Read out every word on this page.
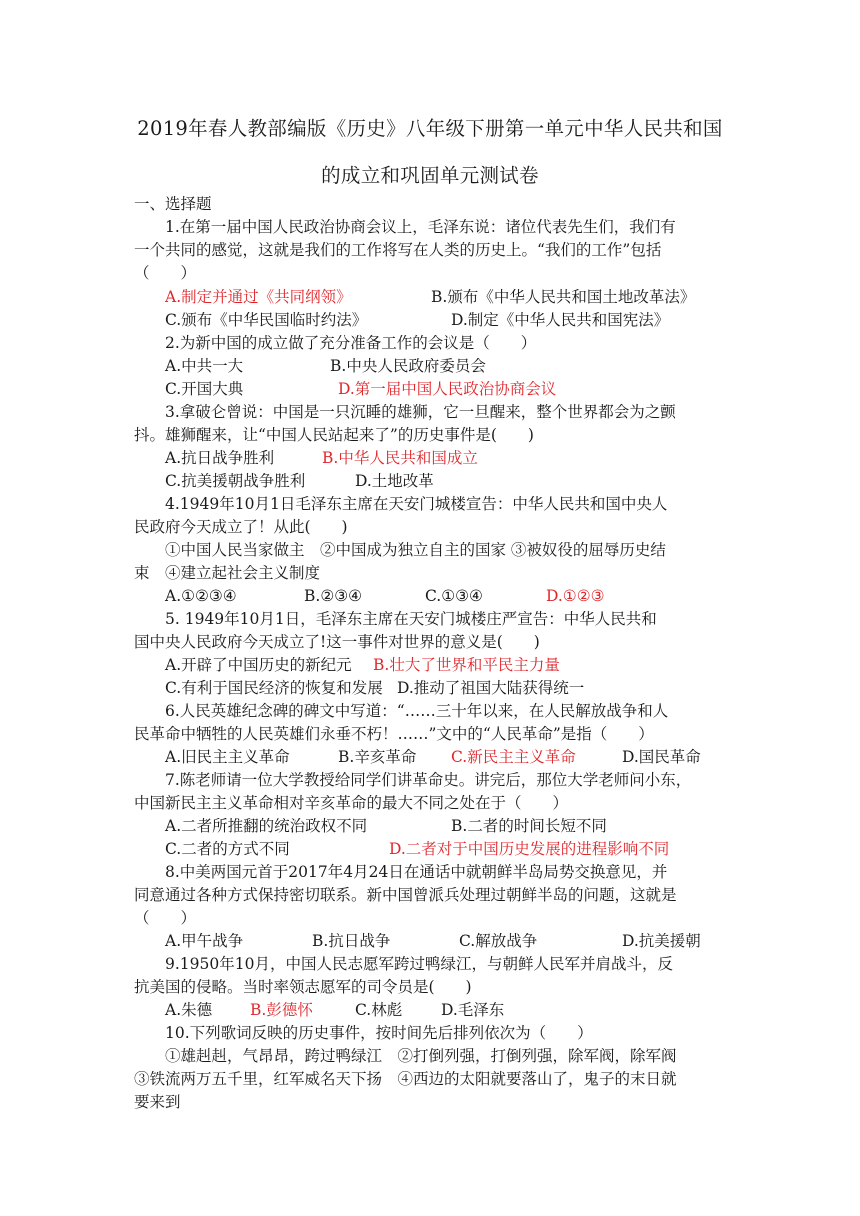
2019年春人教部编版《历史》八年级下册第一单元中华人民共和国
的成立和巩固单元测试卷
一、选择题
1.在第一届中国人民政治协商会议上，毛泽东说：诸位代表先生们，我们有
一个共同的感觉，这就是我们的工作将写在人类的历史上。“我们的工作”包括
（　　）
A.制定并通过《共同纲领》	B.颁布《中华人民共和国土地改革法》
C.颁布《中华民国临时约法》	D.制定《中华人民共和国宪法》
2.为新中国的成立做了充分准备工作的会议是（　　）
A.中共一大	B.中央人民政府委员会
C.开国大典	D.第一届中国人民政治协商会议
3.拿破仑曾说：中国是一只沉睡的雄狮，它一旦醒来，整个世界都会为之颤
抖。雄狮醒来，让“中国人民站起来了”的历史事件是(　　)
A.抗日战争胜利	B.中华人民共和国成立
C.抗美援朝战争胜利	D.土地改革
4.1949年10月1日毛泽东主席在天安门城楼宣告：中华人民共和国中央人
民政府今天成立了！从此(　　)
①中国人民当家做主　②中国成为独立自主的国家 ③被奴役的屈辱历史结
束　④建立起社会主义制度
A.①②③④	B.②③④	C.①③④	D.①②③
5. 1949年10月1日，毛泽东主席在天安门城楼庄严宣告：中华人民共和
国中央人民政府今天成立了!这一事件对世界的意义是(　　)
A.开辟了中国历史的新纪元 B.壮大了世界和平民主力量
C.有利于国民经济的恢复和发展 D.推动了祖国大陆获得统一
6.人民英雄纪念碑的碑文中写道：“……三十年以来，在人民解放战争和人
民革命中牺牲的人民英雄们永垂不朽！……”文中的“人民革命”是指（　　）
A.旧民主主义革命	B.辛亥革命 C.新民主主义革命	D.国民革命
7.陈老师请一位大学教授给同学们讲革命史。讲完后，那位大学老师问小东，
中国新民主主义革命相对辛亥革命的最大不同之处在于（　　）
A.二者所推翻的统治政权不同	B.二者的时间长短不同
C.二者的方式不同	D.二者对于中国历史发展的进程影响不同
8.中美两国元首于2017年4月24日在通话中就朝鲜半岛局势交换意见，并
同意通过各种方式保持密切联系。新中国曾派兵处理过朝鲜半岛的问题，这就是
（　　）
A.甲午战争	B.抗日战争	C.解放战争	D.抗美援朝
9.1950年10月，中国人民志愿军跨过鸭绿江，与朝鲜人民军并肩战斗，反
抗美国的侵略。当时率领志愿军的司令员是(　　)
A.朱德 B.彭德怀	C.林彪	D.毛泽东
10.下列歌词反映的历史事件，按时间先后排列依次为（　　）
①雄赳赳，气昂昂，跨过鸭绿江　②打倒列强，打倒列强，除军阀，除军阀
③铁流两万五千里，红军威名天下扬　④西边的太阳就要落山了，鬼子的末日就
要来到
